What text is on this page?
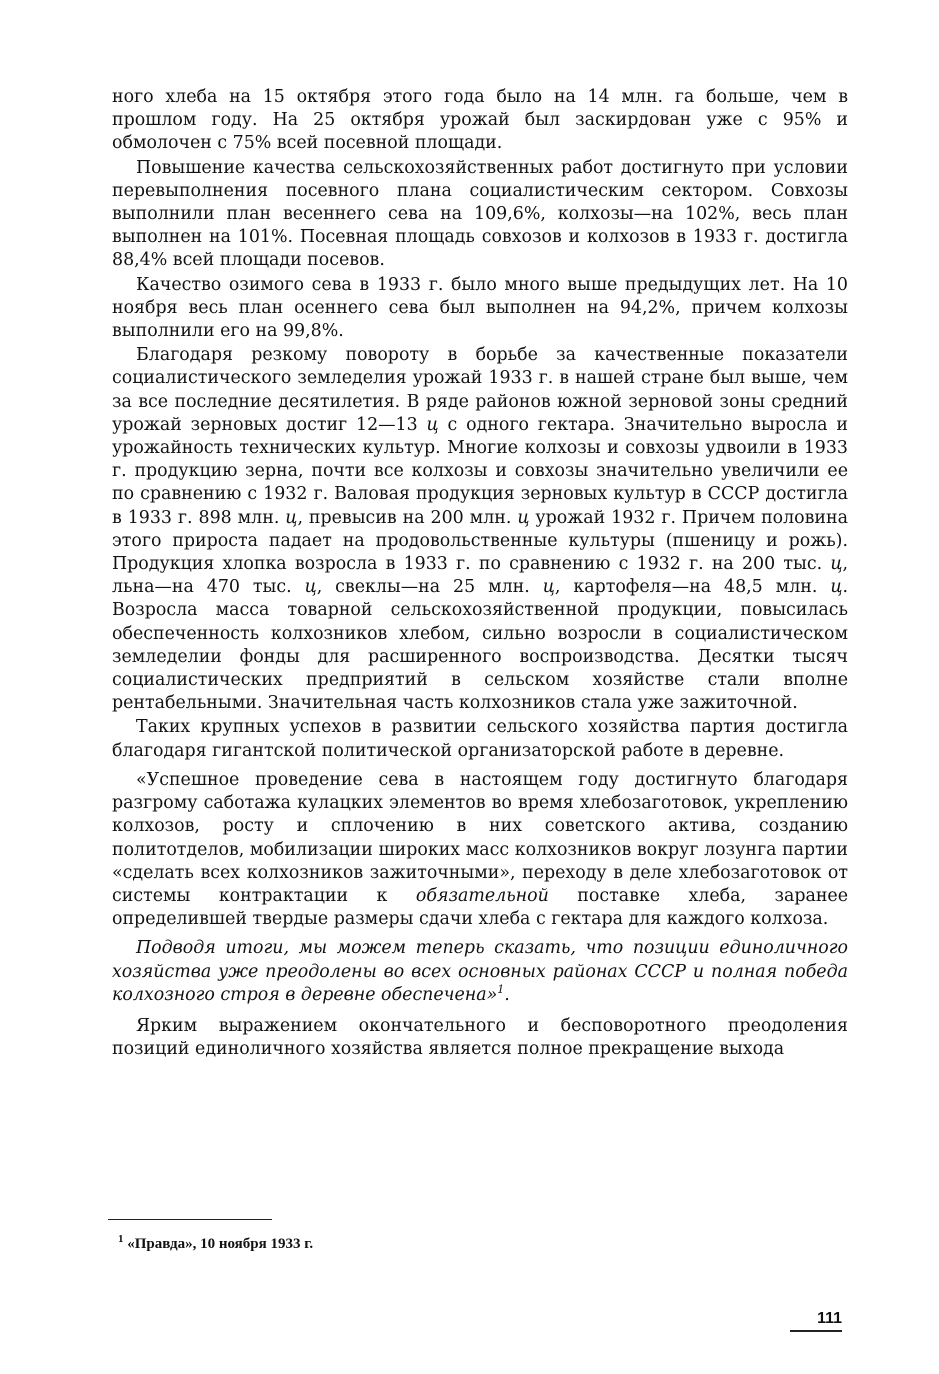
ного хлеба на 15 октября этого года было на 14 млн. га больше, чем в прошлом году. На 25 октября урожай был заскирдован уже с 95% и обмолочен с 75% всей посевной площади.

Повышение качества сельскохозяйственных работ достигнуто при условии перевыполнения посевного плана социалистическим сектором. Совхозы выполнили план весеннего сева на 109,6%, колхозы—на 102%, весь план выполнен на 101%. Посевная площадь совхозов и колхозов в 1933 г. достигла 88,4% всей площади посевов.

Качество озимого сева в 1933 г. было много выше предыдущих лет. На 10 ноября весь план осеннего сева был выполнен на 94,2%, причем колхозы выполнили его на 99,8%.

Благодаря резкому повороту в борьбе за качественные показатели социалистического земледелия урожай 1933 г. в нашей стране был выше, чем за все последние десятилетия. В ряде районов южной зерновой зоны средний урожай зерновых достиг 12—13 ц с одного гектара. Значительно выросла и урожайность технических культур. Многие колхозы и совхозы удвоили в 1933 г. продукцию зерна, почти все колхозы и совхозы значительно увеличили ее по сравнению с 1932 г. Валовая продукция зерновых культур в СССР достигла в 1933 г. 898 млн. ц, превысив на 200 млн. ц урожай 1932 г. Причем половина этого прироста падает на продовольственные культуры (пшеницу и рожь). Продукция хлопка возросла в 1933 г. по сравнению с 1932 г. на 200 тыс. ц, льна—на 470 тыс. ц, свеклы—на 25 млн. ц, картофеля—на 48,5 млн. ц. Возросла масса товарной сельскохозяйственной продукции, повысилась обеспеченность колхозников хлебом, сильно возросли в социалистическом земледелии фонды для расширенного воспроизводства. Десятки тысяч социалистических предприятий в сельском хозяйстве стали вполне рентабельными. Значительная часть колхозников стала уже зажиточной.

Таких крупных успехов в развитии сельского хозяйства партия достигла благодаря гигантской политической организаторской работе в деревне.

«Успешное проведение сева в настоящем году достигнуто благодаря разгрому саботажа кулацких элементов во время хлебозаготовок, укреплению колхозов, росту и сплочению в них советского актива, созданию политотделов, мобилизации широких масс колхозников вокруг лозунга партии «сделать всех колхозников зажиточными», переходу в деле хлебозаготовок от системы контрактации к обязательной поставке хлеба, заранее определившей твердые размеры сдачи хлеба с гектара для каждого колхоза.

Подводя итоги, мы можем теперь сказать, что позиции единоличного хозяйства уже преодолены во всех основных районах СССР и полная победа колхозного строя в деревне обеспечена»$^1$.

Ярким выражением окончательного и бесповоротного преодоления позиций единоличного хозяйства является полное прекращение выхода

$^1$ «Правда», 10 ноября 1933 г.
111
